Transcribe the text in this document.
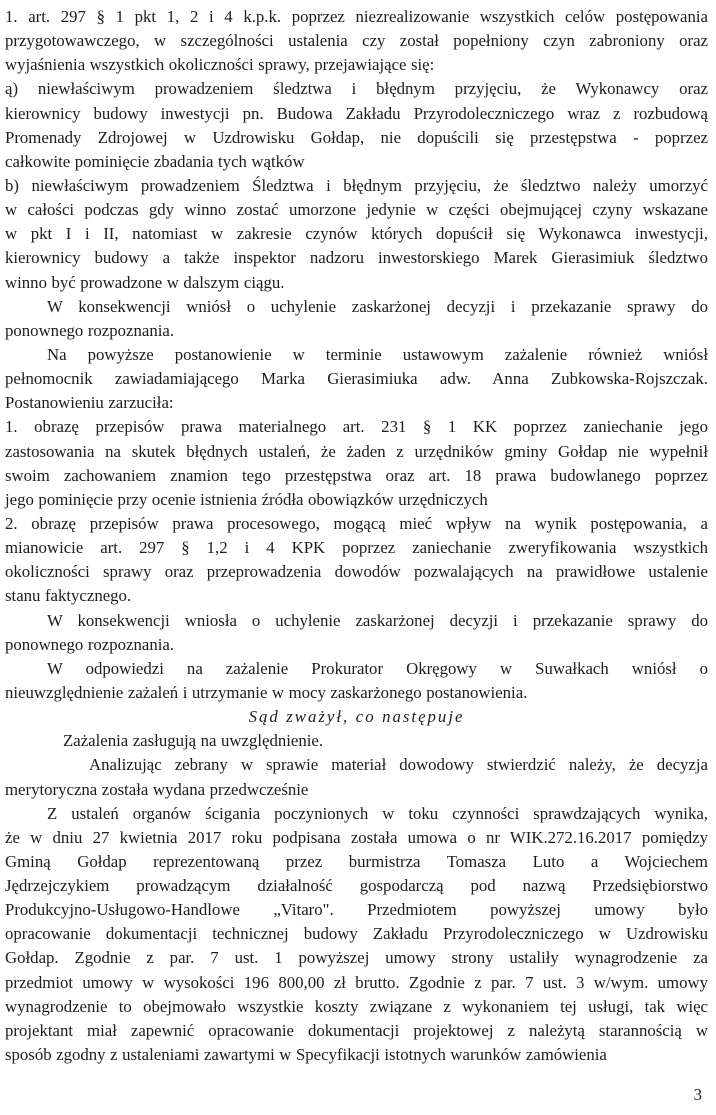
1. art. 297 § 1 pkt 1, 2 i 4 k.p.k. poprzez niezrealizowanie wszystkich celów postępowania
przygotowawczego, w szczególności ustalenia czy został popełniony czyn zabroniony oraz
wyjaśnienia wszystkich okoliczności sprawy, przejawiające się:
ą) niewłaściwym prowadzeniem śledztwa i błędnym przyjęciu, że Wykonawcy oraz
kierownicy budowy inwestycji pn. Budowa Zakładu Przyrodoleczniczego wraz z rozbudową
Promenady Zdrojowej w Uzdrowisku Gołdap, nie dopuścili się przestępstwa - poprzez
całkowite pominięcie zbadania tych wątków
b) niewłaściwym prowadzeniem Śledztwa i błędnym przyjęciu, że śledztwo należy umorzyć
w całości podczas gdy winno zostać umorzone jedynie w części obejmującej czyny wskazane
w pkt I i II, natomiast w zakresie czynów których dopuścił się Wykonawca inwestycji,
kierownicy budowy a także inspektor nadzoru inwestorskiego Marek Gierasimiuk śledztwo
winno być prowadzone w dalszym ciągu.
W konsekwencji wniósł o uchylenie zaskarżonej decyzji i przekazanie sprawy do
ponownego rozpoznania.
Na powyższe postanowienie w terminie ustawowym zażalenie również wniósł
pełnomocnik zawiadamiającego Marka Gierasimiuka adw. Anna Zubkowska-Rojszczak.
Postanowieniu zarzuciła:
1. obrazę przepisów prawa materialnego art. 231 § 1 KK poprzez zaniechanie jego
zastosowania na skutek błędnych ustaleń, że żaden z urzędników gminy Gołdap nie wypełnił
swoim zachowaniem znamion tego przestępstwa oraz art. 18 prawa budowlanego poprzez
jego pominięcie przy ocenie istnienia źródła obowiązków urzędniczych
2. obrazę przepisów prawa procesowego, mogącą mieć wpływ na wynik postępowania, a
mianowicie art. 297 § 1,2 i 4 KPK poprzez zaniechanie zweryfikowania wszystkich
okoliczności sprawy oraz przeprowadzenia dowodów pozwalających na prawidłowe ustalenie
stanu faktycznego.
W konsekwencji wniosła o uchylenie zaskarżonej decyzji i przekazanie sprawy do
ponownego rozpoznania.
W odpowiedzi na zażalenie Prokurator Okręgowy w Suwałkach wniósł o
nieuwzględnienie zażaleń i utrzymanie w mocy zaskarżonego postanowienia.
Sąd zważył, co następuje
Zażalenia zasługują na uwzględnienie.
Analizując zebrany w sprawie materiał dowodowy stwierdzić należy, że decyzja
merytoryczna została wydana przedwcześnie
Z ustaleń organów ścigania poczynionych w toku czynności sprawdzających wynika,
że w dniu 27 kwietnia 2017 roku podpisana została umowa o nr WIK.272.16.2017 pomiędzy
Gminą Gołdap reprezentowaną przez burmistrza Tomasza Luto a Wojciechem
Jędrzejczykiem prowadzącym działalność gospodarczą pod nazwą Przedsiębiorstwo
Produkcyjno-Usługowo-Handlowe „Vitaro". Przedmiotem powyższej umowy było
opracowanie dokumentacji technicznej budowy Zakładu Przyrodoleczniczego w Uzdrowisku
Gołdap. Zgodnie z par. 7 ust. 1 powyższej umowy strony ustaliły wynagrodzenie za
przedmiot umowy w wysokości 196 800,00 zł brutto. Zgodnie z par. 7 ust. 3 w/wym. umowy
wynagrodzenie to obejmowało wszystkie koszty związane z wykonaniem tej usługi, tak więc
projektant miał zapewnić opracowanie dokumentacji projektowej z należytą starannością w
sposób zgodny z ustaleniami zawartymi w Specyfikacji istotnych warunków zamówienia
3
